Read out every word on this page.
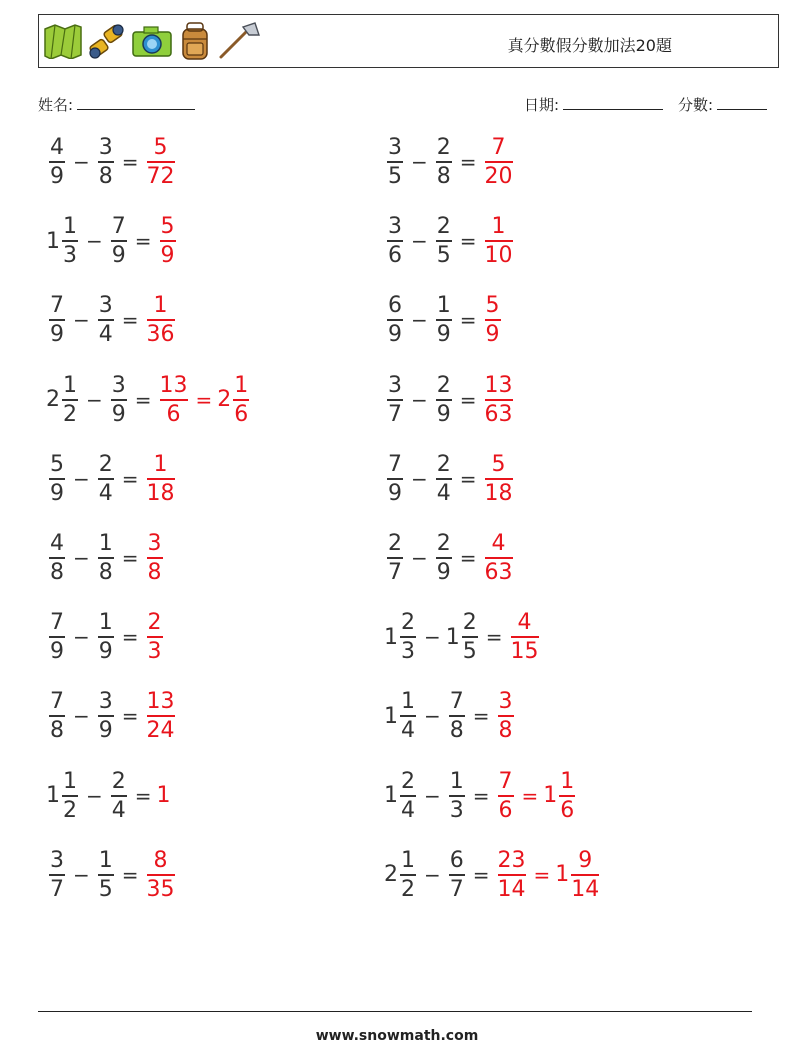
真分數假分數加法20題
姓名:	日期:	分數:
$\frac{4}{9} - \frac{3}{8} = \frac{5}{72}$	$\frac{3}{5} - \frac{2}{8} = \frac{7}{20}$
$1 \frac{1}{3} - \frac{7}{9} = \frac{5}{9}$	$\frac{3}{6} - \frac{2}{5} = \frac{1}{10}$
$\frac{7}{9} - \frac{3}{4} = \frac{1}{36}$	$\frac{6}{9} - \frac{1}{9} = \frac{5}{9}$
$2 \frac{1}{2} - \frac{3}{9} = \frac{13}{6} = 2 \frac{1}{6}$	$\frac{3}{7} - \frac{2}{9} = \frac{13}{63}$
$\frac{5}{9} - \frac{2}{4} = \frac{1}{18}$	$\frac{7}{9} - \frac{2}{4} = \frac{5}{18}$
$\frac{4}{8} - \frac{1}{8} = \frac{3}{8}$	$\frac{2}{7} - \frac{2}{9} = \frac{4}{63}$
$\frac{7}{9} - \frac{1}{9} = \frac{2}{3}$	$1 \frac{2}{3} - 1 \frac{2}{5} = \frac{4}{15}$
$\frac{7}{8} - \frac{3}{9} = \frac{13}{24}$	$1 \frac{1}{4} - \frac{7}{8} = \frac{3}{8}$
$1 \frac{1}{2} - \frac{2}{4} = 1$	$1 \frac{2}{4} - \frac{1}{3} = \frac{7}{6} = 1 \frac{1}{6}$
$\frac{3}{7} - \frac{1}{5} = \frac{8}{35}$	$2 \frac{1}{2} - \frac{6}{7} = \frac{23}{14} = 1 \frac{9}{14}$
www.snowmath.com
